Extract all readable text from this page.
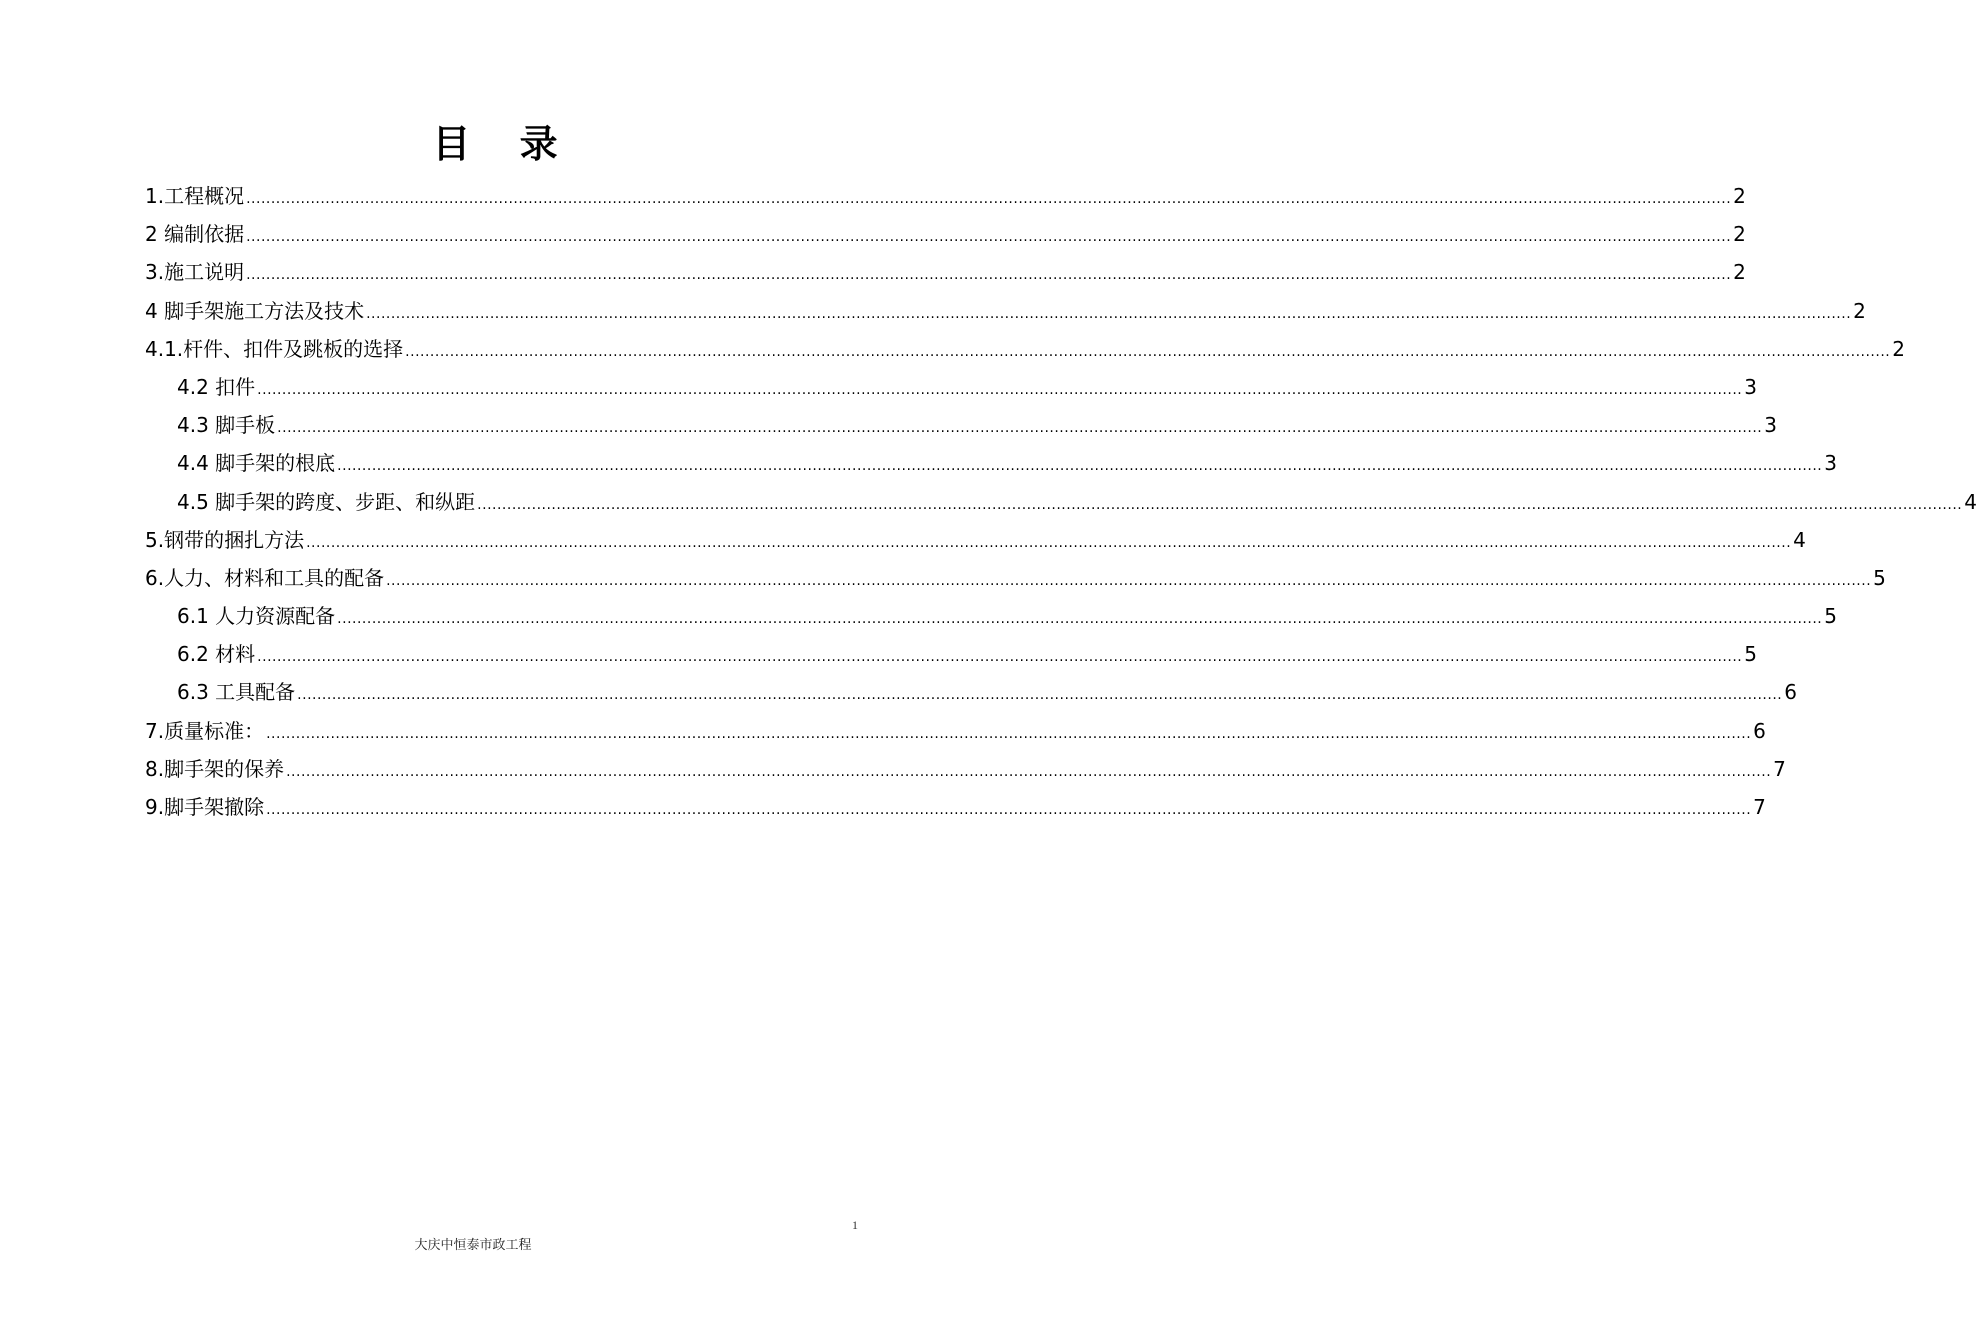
目 录
1.工程概况 ............................................................................................................................................................................................................................................................................................................ 2
2 编制依据 ............................................................................................................................................................................................................................................................................................................ 2
3.施工说明 ............................................................................................................................................................................................................................................................................................................ 2
4 脚手架施工方法及技术 ............................................................................................................................................................................................................................................................................................................ 2
4.1.杆件、扣件及跳板的选择 ............................................................................................................................................................................................................................................................................................................ 2
4.2 扣件 ............................................................................................................................................................................................................................................................................................................ 3
4.3 脚手板 ............................................................................................................................................................................................................................................................................................................ 3
4.4 脚手架的根底 ............................................................................................................................................................................................................................................................................................................ 3
4.5 脚手架的跨度、步距、和纵距 ............................................................................................................................................................................................................................................................................................................ 4
5.钢带的捆扎方法 ............................................................................................................................................................................................................................................................................................................ 4
6.人力、材料和工具的配备 ............................................................................................................................................................................................................................................................................................................ 5
6.1 人力资源配备 ............................................................................................................................................................................................................................................................................................................ 5
6.2 材料 ............................................................................................................................................................................................................................................................................................................ 5
6.3 工具配备 ............................................................................................................................................................................................................................................................................................................ 6
7.质量标准： ............................................................................................................................................................................................................................................................................................................ 6
8.脚手架的保养 ............................................................................................................................................................................................................................................................................................................ 7
9.脚手架撤除 ............................................................................................................................................................................................................................................................................................................ 7
1
大庆中恒泰市政工程
